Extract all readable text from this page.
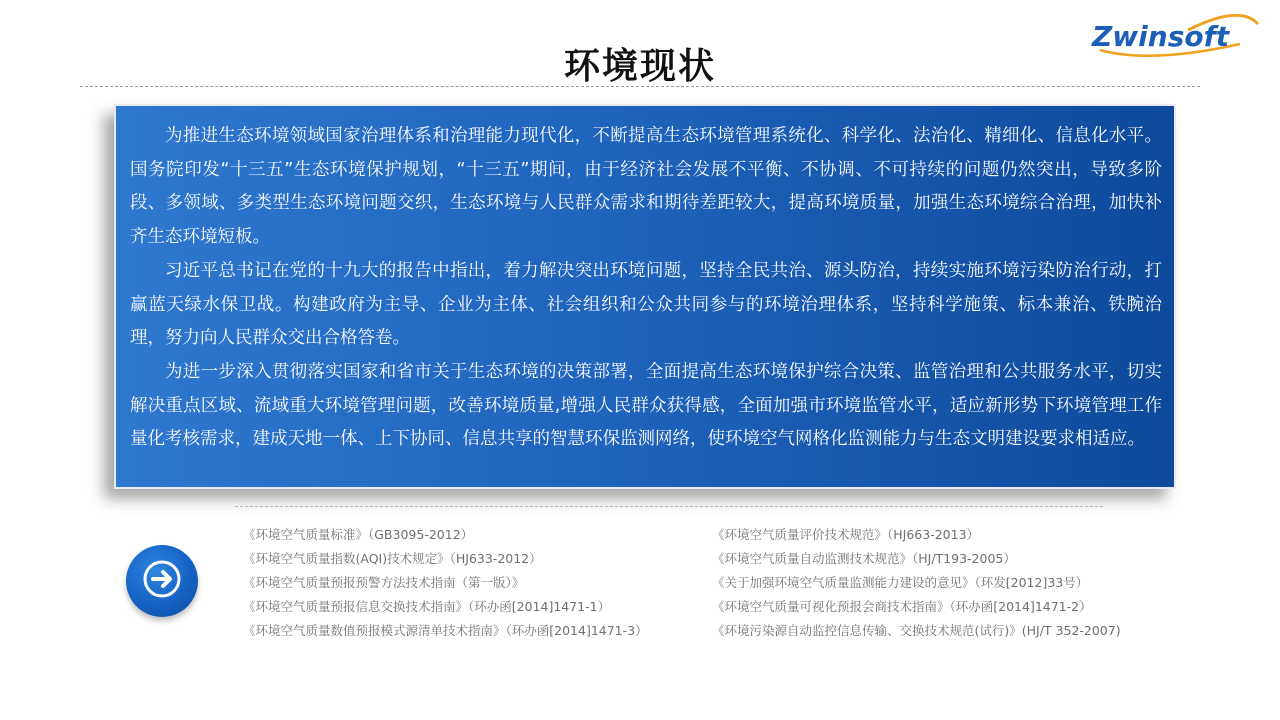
环境现状
Zwinsoft

为推进生态环境领域国家治理体系和治理能力现代化，不断提高生态环境管理系统化、科学化、法治化、精细化、信息化水平。国务院印发“十三五”生态环境保护规划，“十三五”期间，由于经济社会发展不平衡、不协调、不可持续的问题仍然突出，导致多阶段、多领域、多类型生态环境问题交织，生态环境与人民群众需求和期待差距较大，提高环境质量，加强生态环境综合治理，加快补齐生态环境短板。

习近平总书记在党的十九大的报告中指出，着力解决突出环境问题，坚持全民共治、源头防治，持续实施环境污染防治行动，打赢蓝天绿水保卫战。构建政府为主导、企业为主体、社会组织和公众共同参与的环境治理体系，坚持科学施策、标本兼治、铁腕治理，努力向人民群众交出合格答卷。

为进一步深入贯彻落实国家和省市关于生态环境的决策部署，全面提高生态环境保护综合决策、监管治理和公共服务水平，切实解决重点区域、流域重大环境管理问题，改善环境质量,增强人民群众获得感，全面加强市环境监管水平，适应新形势下环境管理工作量化考核需求，建成天地一体、上下协同、信息共享的智慧环保监测网络，使环境空气网格化监测能力与生态文明建设要求相适应。

《环境空气质量标准》（GB3095-2012）
《环境空气质量指数(AQI)技术规定》（HJ633-2012）
《环境空气质量预报预警方法技术指南（第一版）》
《环境空气质量预报信息交换技术指南》（环办函[2014]1471-1）
《环境空气质量数值预报模式源清单技术指南》（环办函[2014]1471-3）
《环境空气质量评价技术规范》（HJ663-2013）
《环境空气质量自动监测技术规范》（HJ/T193-2005）
《关于加强环境空气质量监测能力建设的意见》（环发[2012]33号）
《环境空气质量可视化预报会商技术指南》（环办函[2014]1471-2）
《环境污染源自动监控信息传输、交换技术规范(试行)》(HJ/T 352-2007)
